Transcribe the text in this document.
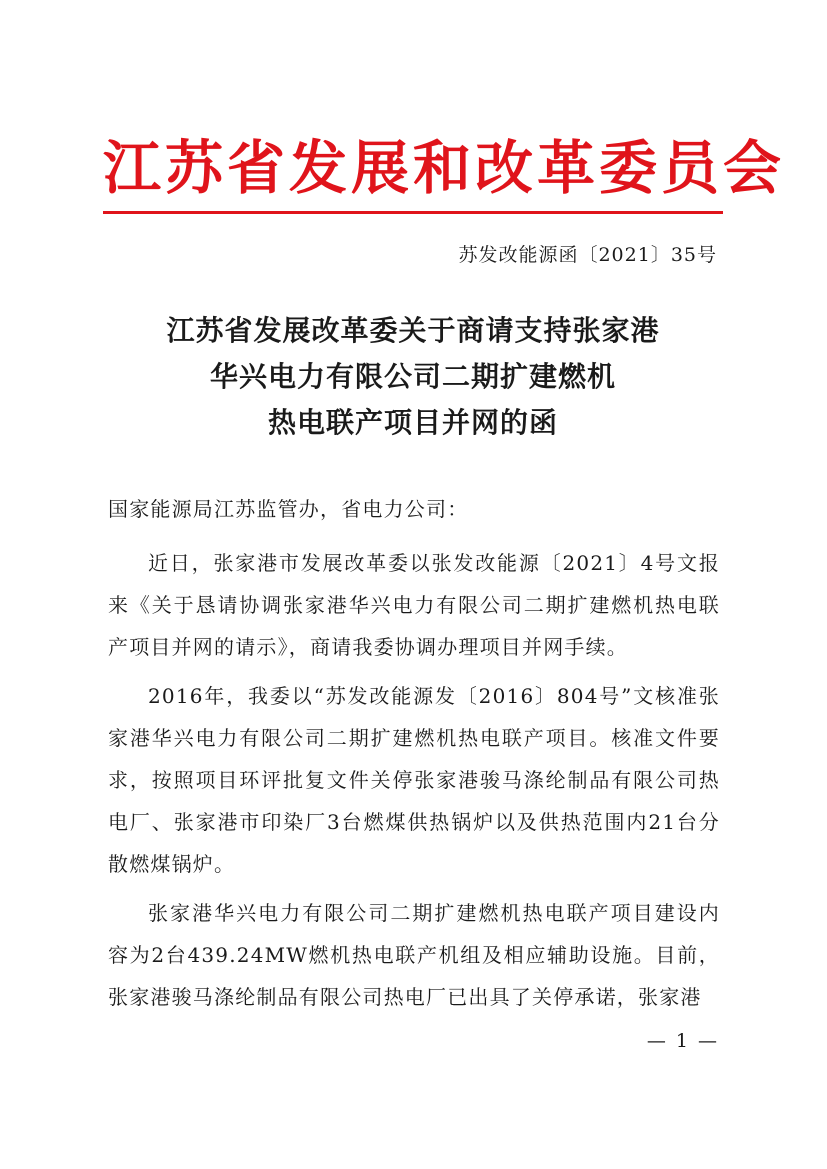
江苏省发展和改革委员会
苏发改能源函〔2021〕35号
江苏省发展改革委关于商请支持张家港
华兴电力有限公司二期扩建燃机
热电联产项目并网的函

国家能源局江苏监管办，省电力公司：

近日，张家港市发展改革委以张发改能源〔2021〕4号文报来《关于恳请协调张家港华兴电力有限公司二期扩建燃机热电联产项目并网的请示》，商请我委协调办理项目并网手续。

2016年，我委以“苏发改能源发〔2016〕804号”文核准张家港华兴电力有限公司二期扩建燃机热电联产项目。核准文件要求，按照项目环评批复文件关停张家港骏马涤纶制品有限公司热电厂、张家港市印染厂3台燃煤供热锅炉以及供热范围内21台分散燃煤锅炉。

张家港华兴电力有限公司二期扩建燃机热电联产项目建设内容为2台439.24MW燃机热电联产机组及相应辅助设施。目前，张家港骏马涤纶制品有限公司热电厂已出具了关停承诺，张家港

— 1 —
